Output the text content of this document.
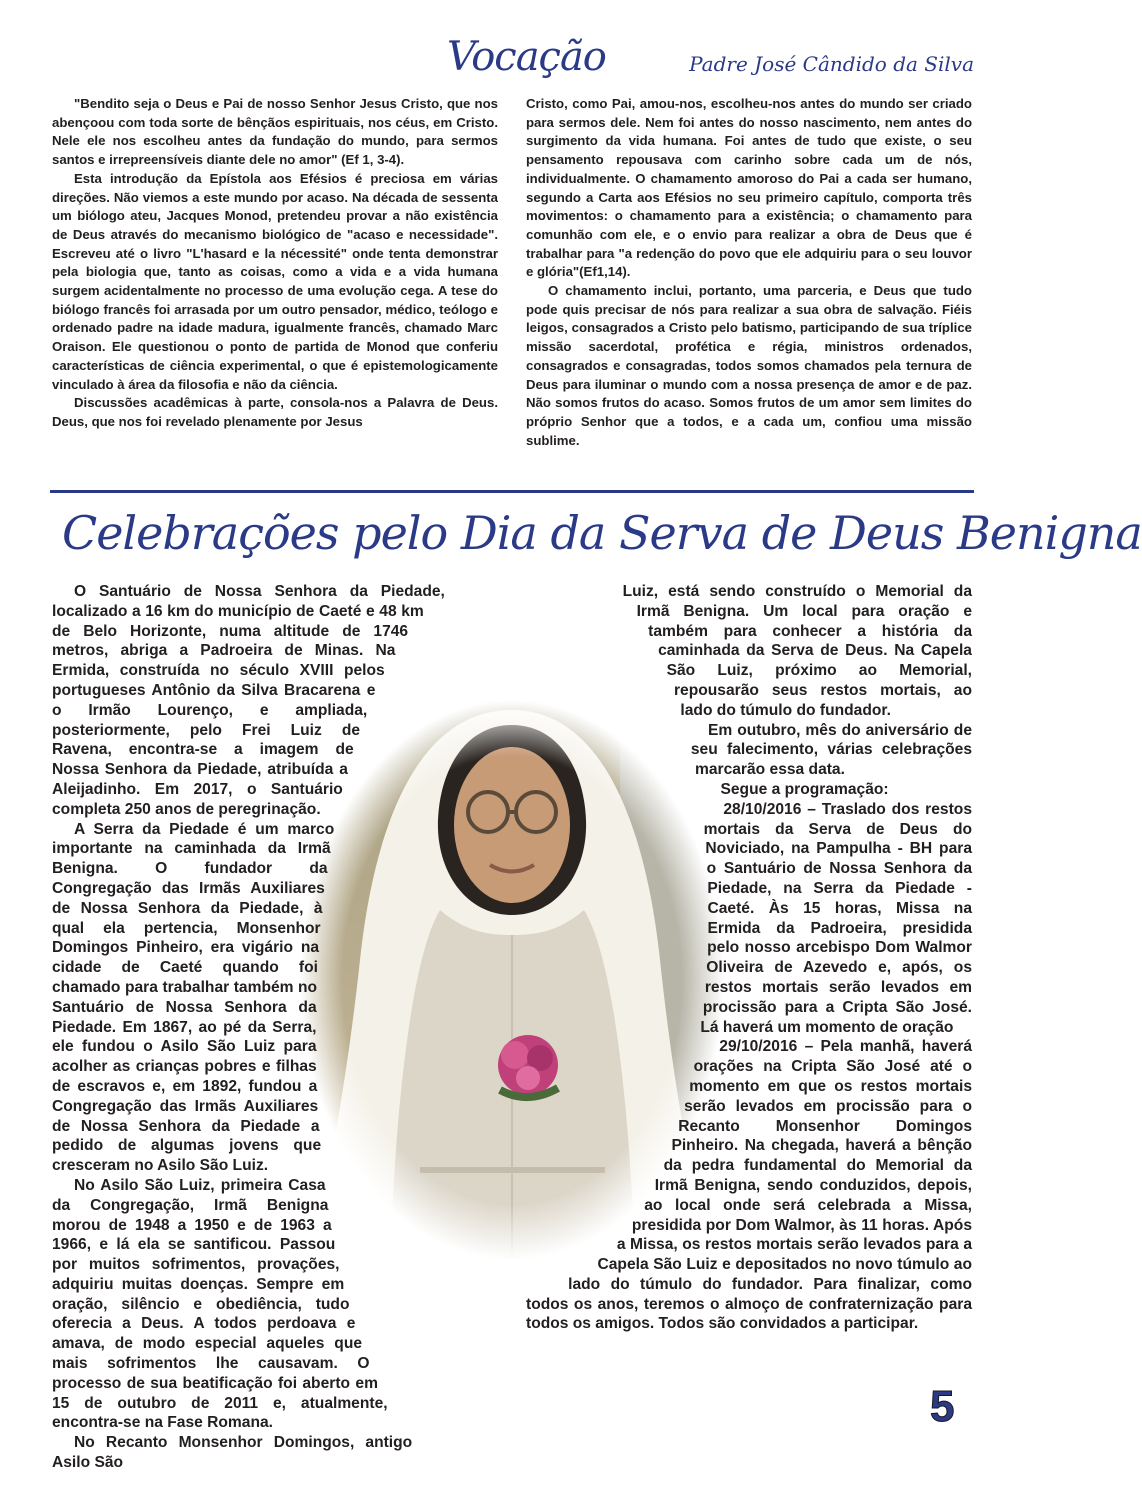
Vocação	Padre José Cândido da Silva

"Bendito seja o Deus e Pai de nosso Senhor Jesus Cristo, que nos abençoou com toda sorte de bênçãos espirituais, nos céus, em Cristo. Nele ele nos escolheu antes da fundação do mundo, para sermos santos e irrepreensíveis diante dele no amor" (Ef 1, 3-4).

Esta introdução da Epístola aos Efésios é preciosa em várias direções. Não viemos a este mundo por acaso. Na década de sessenta um biólogo ateu, Jacques Monod, pretendeu provar a não existência de Deus através do mecanismo biológico de "acaso e necessidade". Escreveu até o livro "L'hasard e la nécessité" onde tenta demonstrar pela biologia que, tanto as coisas, como a vida e a vida humana surgem acidentalmente no processo de uma evolução cega. A tese do biólogo francês foi arrasada por um outro pensador, médico, teólogo e ordenado padre na idade madura, igualmente francês, chamado Marc Oraison. Ele questionou o ponto de partida de Monod que conferiu características de ciência experimental, o que é epistemologicamente vinculado à área da filosofia e não da ciência.

Discussões acadêmicas à parte, consola-nos a Palavra de Deus. Deus, que nos foi revelado plenamente por Jesus

Cristo, como Pai, amou-nos, escolheu-nos antes do mundo ser criado para sermos dele. Nem foi antes do nosso nascimento, nem antes do surgimento da vida humana. Foi antes de tudo que existe, o seu pensamento repousava com carinho sobre cada um de nós, individualmente. O chamamento amoroso do Pai a cada ser humano, segundo a Carta aos Efésios no seu primeiro capítulo, comporta três movimentos: o chamamento para a existência; o chamamento para comunhão com ele, e o envio para realizar a obra de Deus que é trabalhar para "a redenção do povo que ele adquiriu para o seu louvor e glória"(Ef1,14).

O chamamento inclui, portanto, uma parceria, e Deus que tudo pode quis precisar de nós para realizar a sua obra de salvação. Fiéis leigos, consagrados a Cristo pelo batismo, participando de sua tríplice missão sacerdotal, profética e régia, ministros ordenados, consagrados e consagradas, todos somos chamados pela ternura de Deus para iluminar o mundo com a nossa presença de amor e de paz. Não somos frutos do acaso. Somos frutos de um amor sem limites do próprio Senhor que a todos, e a cada um, confiou uma missão sublime.

Celebrações pelo Dia da Serva de Deus Benigna

O Santuário de Nossa Senhora da Piedade, localizado a 16 km do município de Caeté e 48 km de Belo Horizonte, numa altitude de 1746 metros, abriga a Padroeira de Minas. Na Ermida, construída no século XVIII pelos portugueses Antônio da Silva Bracarena e o Irmão Lourenço, e ampliada, posteriormente, pelo Frei Luiz de Ravena, encontra-se a imagem de Nossa Senhora da Piedade, atribuída a Aleijadinho. Em 2017, o Santuário completa 250 anos de peregrinação.

A Serra da Piedade é um marco importante na caminhada da Irmã Benigna. O fundador da Congregação das Irmãs Auxiliares de Nossa Senhora da Piedade, à qual ela pertencia, Monsenhor Domingos Pinheiro, era vigário na cidade de Caeté quando foi chamado para trabalhar também no Santuário de Nossa Senhora da Piedade. Em 1867, ao pé da Serra, ele fundou o Asilo São Luiz para acolher as crianças pobres e filhas de escravos e, em 1892, fundou a Congregação das Irmãs Auxiliares de Nossa Senhora da Piedade a pedido de algumas jovens que cresceram no Asilo São Luiz.

No Asilo São Luiz, primeira Casa da Congregação, Irmã Benigna morou de 1948 a 1950 e de 1963 a 1966, e lá ela se santificou. Passou por muitos sofrimentos, provações, adquiriu muitas doenças. Sempre em oração, silêncio e obediência, tudo oferecia a Deus. A todos perdoava e amava, de modo especial aqueles que mais sofrimentos lhe causavam. O processo de sua beatificação foi aberto em 15 de outubro de 2011 e, atualmente, encontra-se na Fase Romana.

No Recanto Monsenhor Domingos, antigo Asilo São

Luiz, está sendo construído o Memorial da Irmã Benigna. Um local para oração e também para conhecer a história da caminhada da Serva de Deus. Na Capela São Luiz, próximo ao Memorial, repousarão seus restos mortais, ao lado do túmulo do fundador.

Em outubro, mês do aniversário de seu falecimento, várias celebrações marcarão essa data.

Segue a programação:

28/10/2016 – Traslado dos restos mortais da Serva de Deus do Noviciado, na Pampulha - BH para o Santuário de Nossa Senhora da Piedade, na Serra da Piedade - Caeté. Às 15 horas, Missa na Ermida da Padroeira, presidida pelo nosso arcebispo Dom Walmor Oliveira de Azevedo e, após, os restos mortais serão levados em procissão para a Cripta São José. Lá haverá um momento de oração

29/10/2016 – Pela manhã, haverá orações na Cripta São José até o momento em que os restos mortais serão levados em procissão para o Recanto Monsenhor Domingos Pinheiro. Na chegada, haverá a bênção da pedra fundamental do Memorial da Irmã Benigna, sendo conduzidos, depois, ao local onde será celebrada a Missa, presidida por Dom Walmor, às 11 horas. Após a Missa, os restos mortais serão levados para a Capela São Luiz e depositados no novo túmulo ao lado do túmulo do fundador. Para finalizar, como todos os anos, teremos o almoço de confraternização para todos os amigos. Todos são convidados a participar.

5
